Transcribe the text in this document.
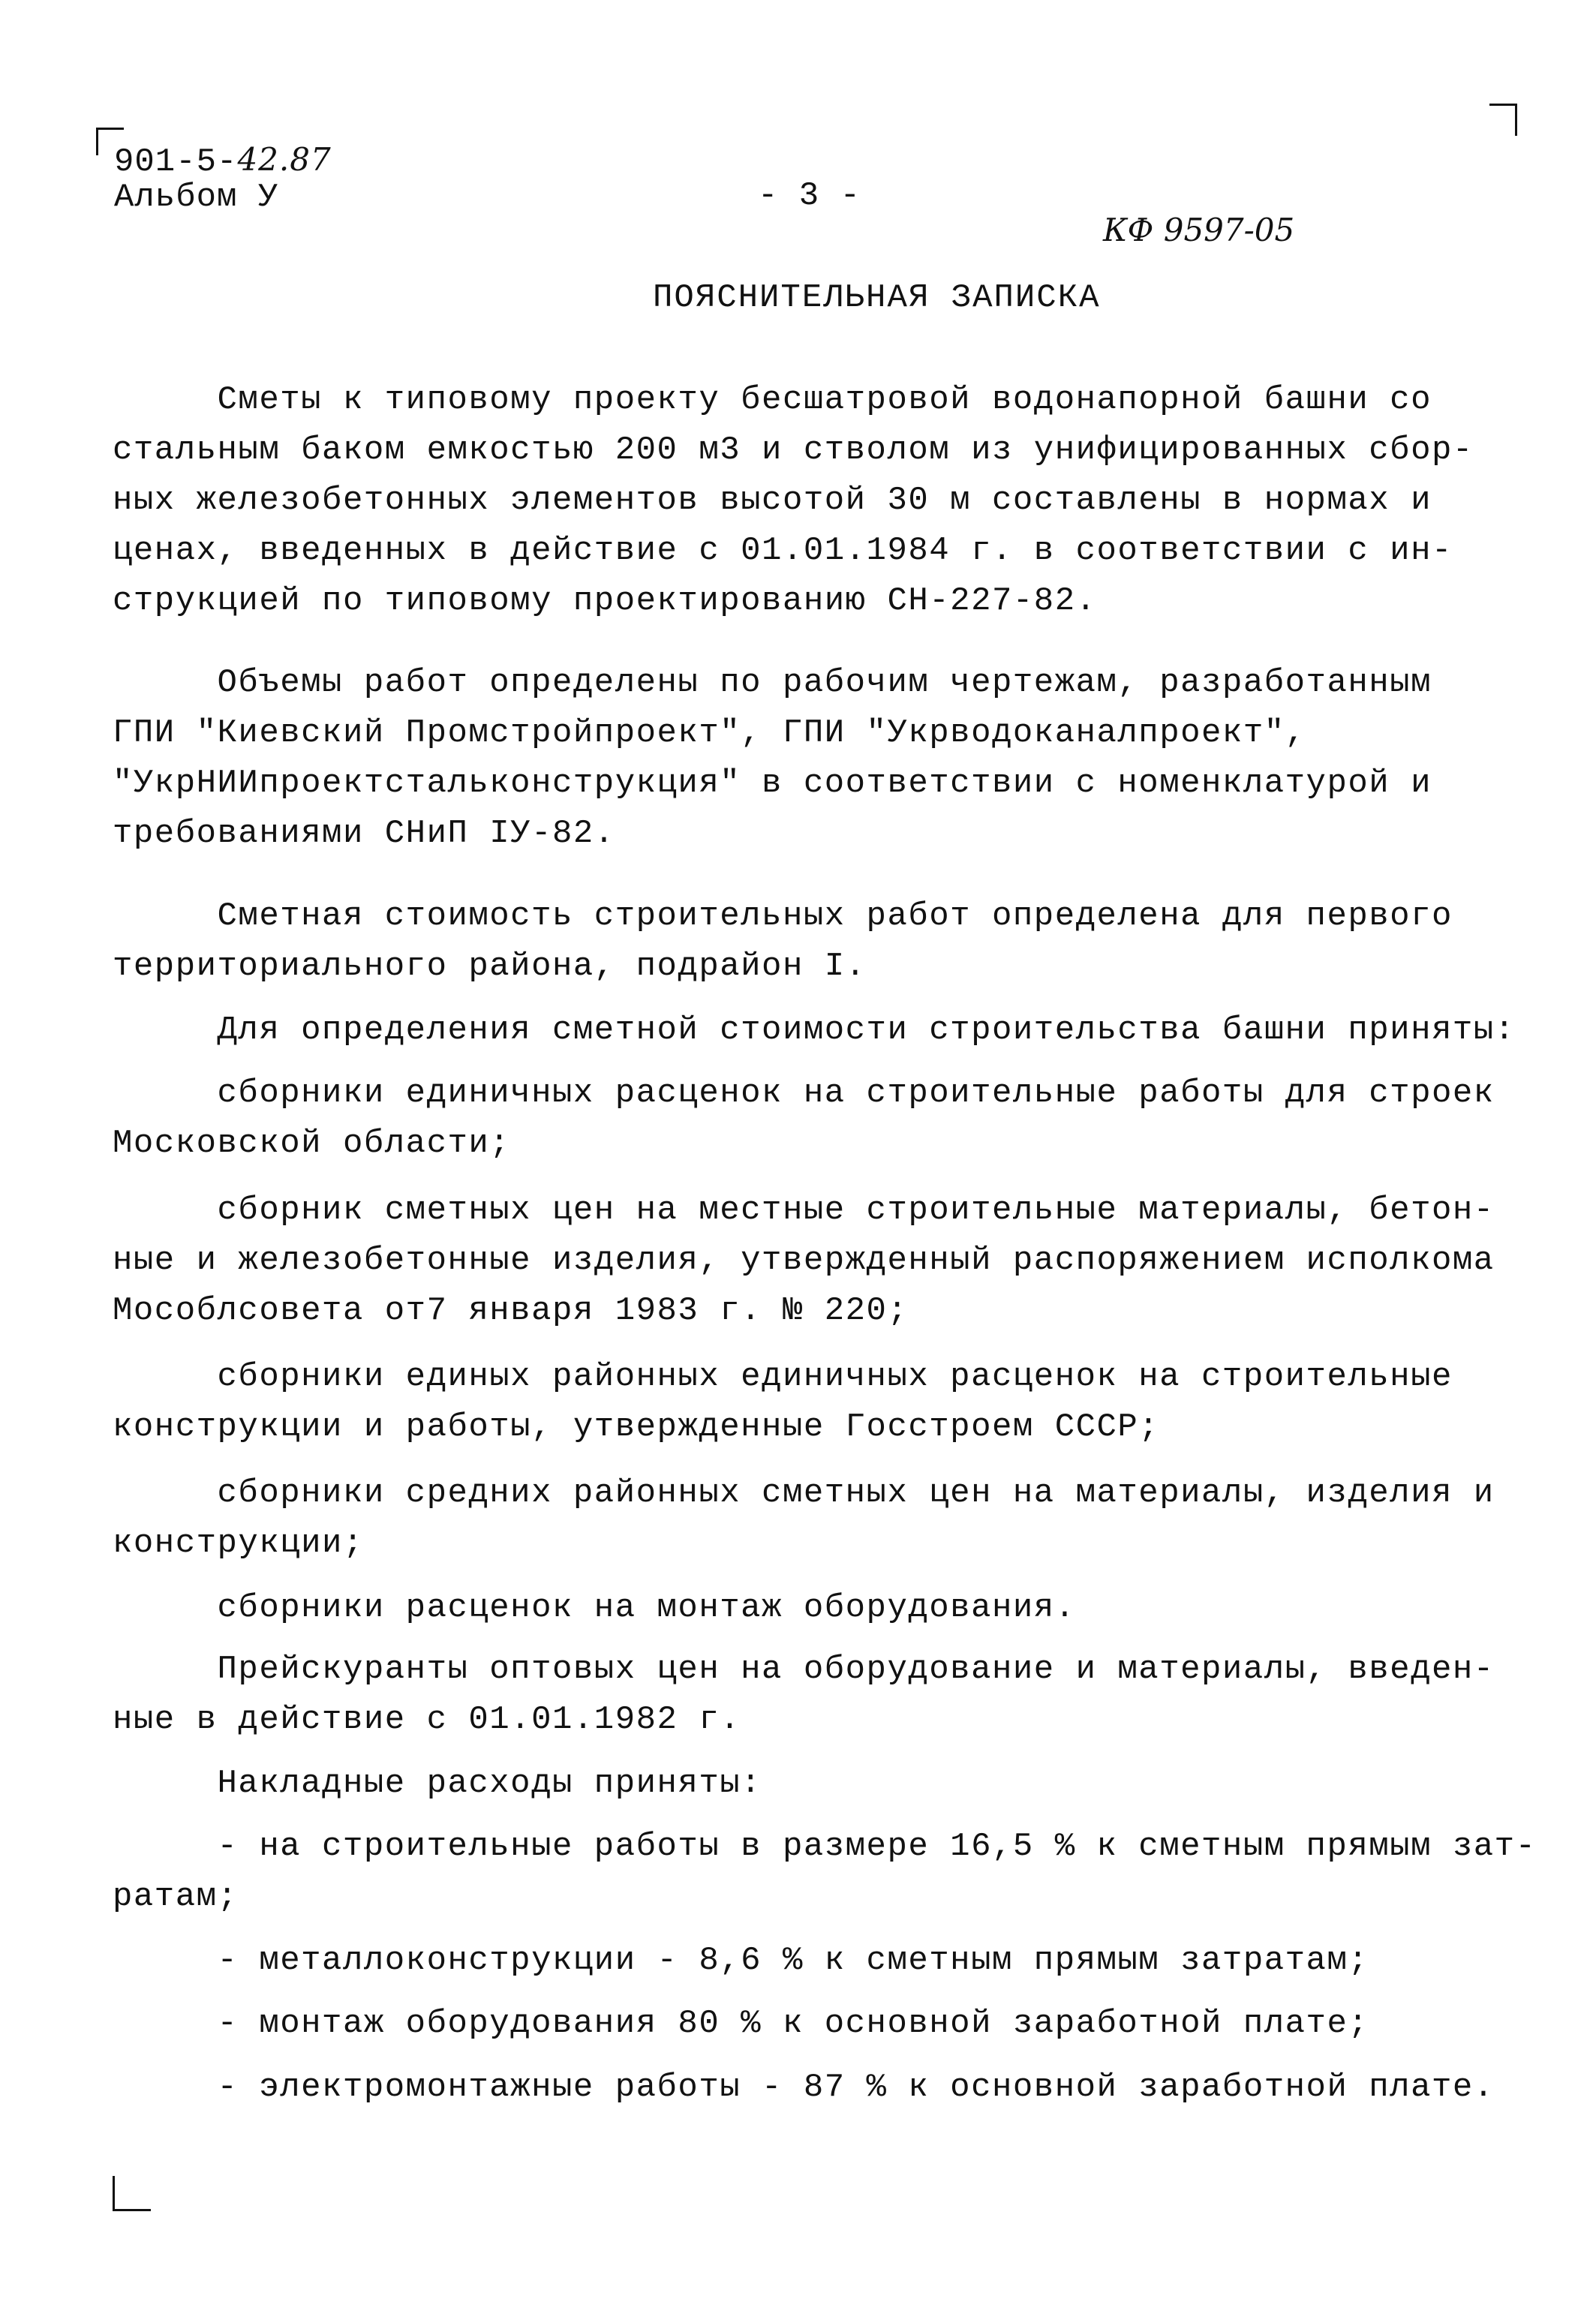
901-5-42.87
Альбом У	- 3 -
КФ 9597-05
ПОЯСНИТЕЛЬНАЯ ЗАПИСКА
Сметы к типовому проекту бесшатровой водонапорной башни со
стальным баком емкостью 200 м3 и стволом из унифицированных сбор-
ных железобетонных элементов высотой 30 м составлены в нормах и
ценах, введенных в действие с 01.01.1984 г. в соответствии с ин-
струкцией по типовому проектированию СН-227-82.
Объемы работ определены по рабочим чертежам, разработанным
ГПИ "Киевский Промстройпроект", ГПИ "Укрводоканалпроект",
"УкрНИИпроектстальконструкция" в соответствии с номенклатурой и
требованиями СНиП IУ-82.
Сметная стоимость строительных работ определена для первого
территориального района, подрайон I.
Для определения сметной стоимости строительства башни приняты:
сборники единичных расценок на строительные работы для строек
Московской области;
сборник сметных цен на местные строительные материалы, бетон-
ные и железобетонные изделия, утвержденный распоряжением исполкома
Мособлсовета от7 января 1983 г. № 220;
сборники единых районных единичных расценок на строительные
конструкции и работы, утвержденные Госстроем СССР;
сборники средних районных сметных цен на материалы, изделия и
конструкции;
сборники расценок на монтаж оборудования.
Прейскуранты оптовых цен на оборудование и материалы, введен-
ные в действие с 01.01.1982 г.
Накладные расходы приняты:
- на строительные работы в размере 16,5 % к сметным прямым зат-
ратам;
- металлоконструкции - 8,6 % к сметным прямым затратам;
- монтаж оборудования 80 % к основной заработной плате;
- электромонтажные работы - 87 % к основной заработной плате.
